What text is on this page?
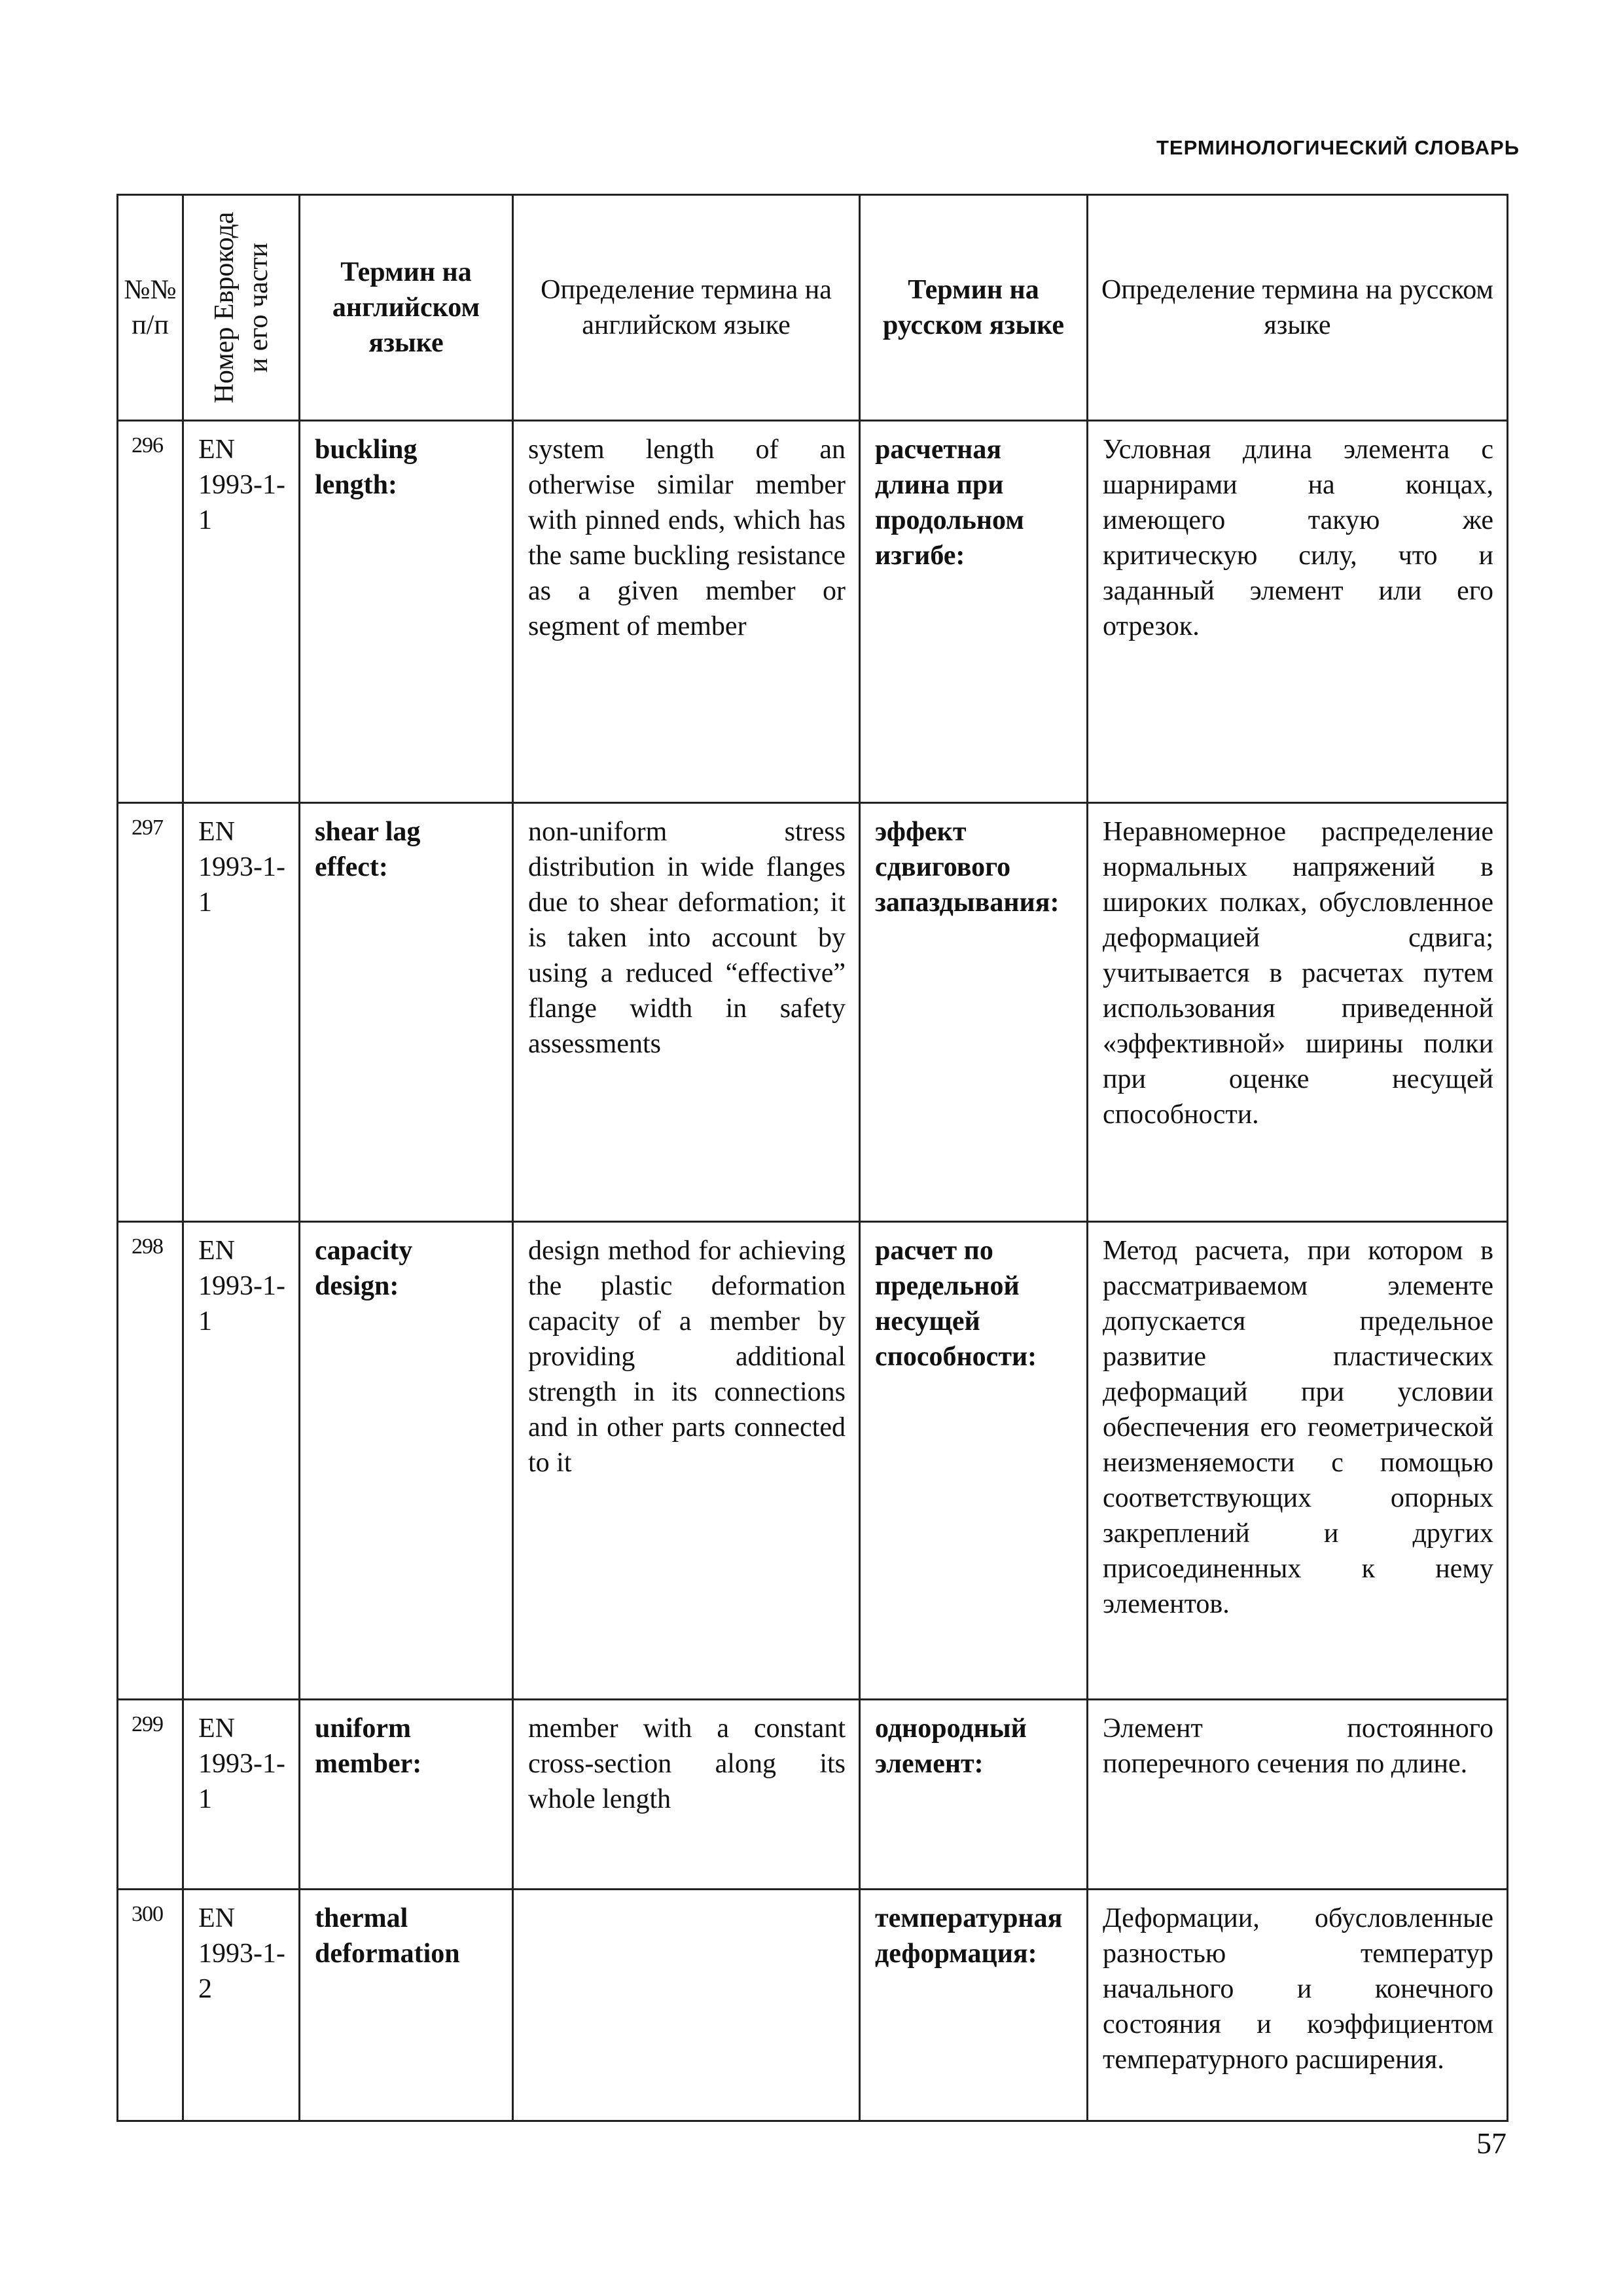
ТЕРМИНОЛОГИЧЕСКИЙ СЛОВАРЬ
№№ п/п	Номер Еврокода и его части	Термин на английском языке	Определение термина на английском языке	Термин на русском языке	Определение термина на русском языке
296	EN 1993-1-1	buckling length:	system length of an otherwise similar member with pinned ends, which has the same buckling resistance as a given member or segment of member	расчетная длина при продольном изгибе:	Условная длина элемента с шарнирами на концах, имеющего такую же критическую силу, что и заданный элемент или его отрезок.
297	EN 1993-1-1	shear lag effect:	non-uniform stress distribution in wide flanges due to shear deformation; it is taken into account by using a reduced “effective” flange width in safety assessments	эффект сдвигового запаздывания:	Неравномерное распределение нормальных напряжений в широких полках, обусловленное деформацией сдвига; учитывается в расчетах путем использования приведенной «эффективной» ширины полки при оценке несущей способности.
298	EN 1993-1-1	capacity design:	design method for achieving the plastic deformation capacity of a member by providing additional strength in its connections and in other parts connected to it	расчет по предельной несущей способности:	Метод расчета, при котором в рассматриваемом элементе допускается предельное развитие пластических деформаций при условии обеспечения его геометрической неизменяемости с помощью соответствующих опорных закреплений и других присоединенных к нему элементов.
299	EN 1993-1-1	uniform member:	member with a constant cross-section along its whole length	однородный элемент:	Элемент постоянного поперечного сечения по длине.
300	EN 1993-1-2	thermal deformation		температурная деформация:	Деформации, обусловленные разностью температур начального и конечного состояния и коэффициентом температурного расширения.
57
